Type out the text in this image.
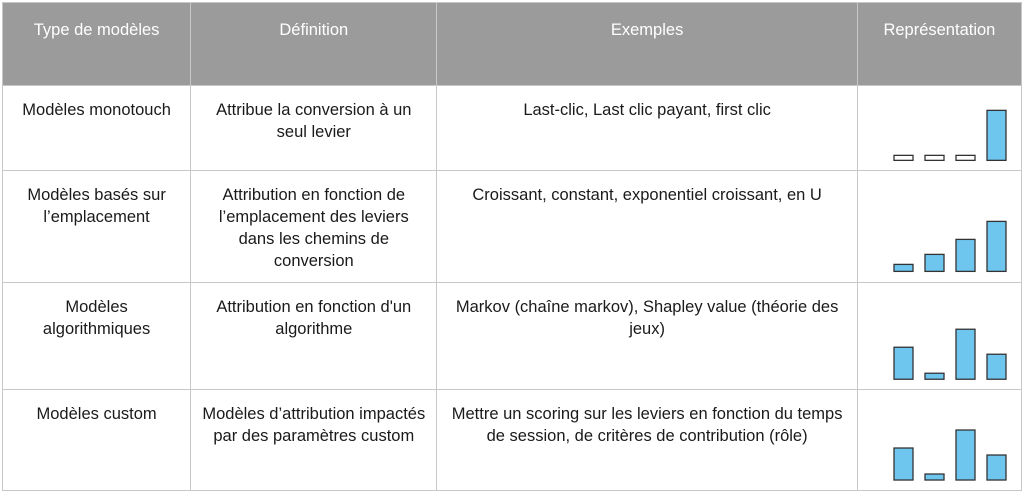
Type de modèles	Définition	Exemples	Représentation

Modèles monotouch	Attribue la conversion à un seul levier	Last-clic, Last clic payant, first clic

Modèles basés sur l’emplacement	Attribution en fonction de l’emplacement des leviers dans les chemins de conversion	Croissant, constant, exponentiel croissant, en U

Modèles algorithmiques	Attribution en fonction d'un algorithme	Markov (chaîne markov), Shapley value (théorie des jeux)

Modèles custom	Modèles d’attribution impactés par des paramètres custom	Mettre un scoring sur les leviers en fonction du temps de session, de critères de contribution (rôle)
